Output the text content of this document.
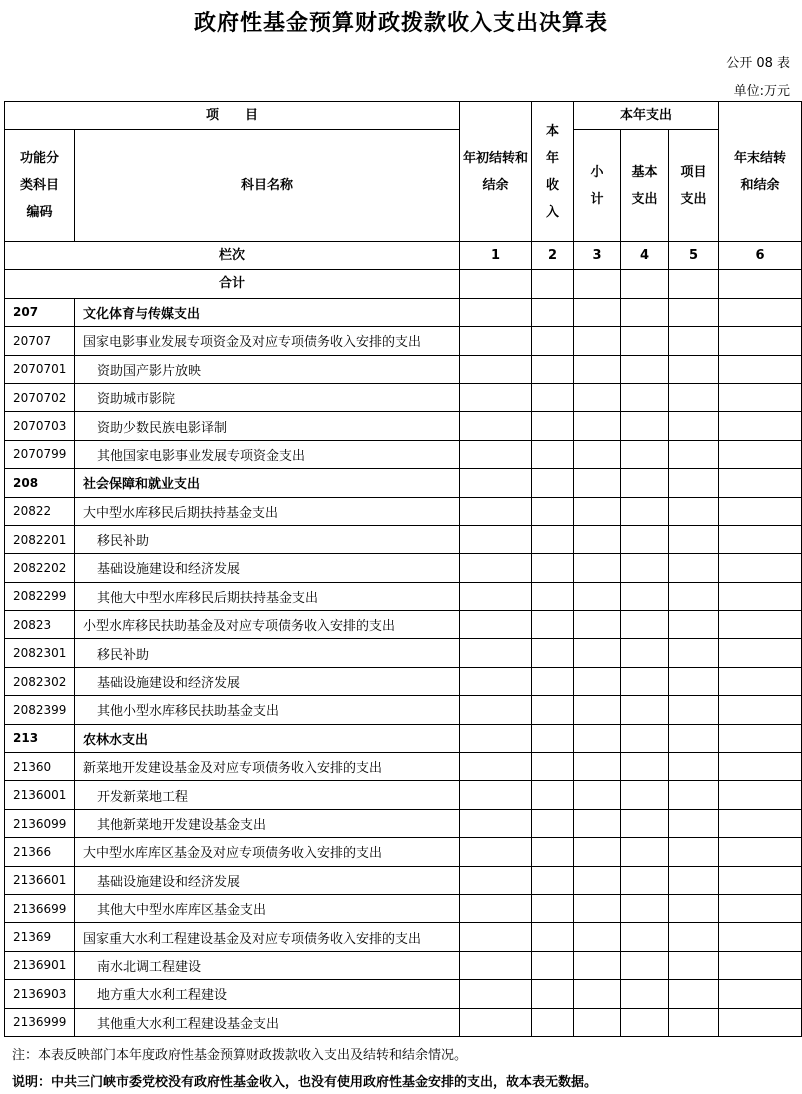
政府性基金预算财政拨款收入支出决算表
公开 08 表
单位:万元
项　　目		年初结转和结余	本年收入	本年支出			年末结转和结余
功能分类科目编码	科目名称			小计	基本支出	项目支出	
栏次		1	2	3	4	5	6
合计							
207	文化体育与传媒支出						
20707	国家电影事业发展专项资金及对应专项债务收入安排的支出						
2070701	资助国产影片放映						
2070702	资助城市影院						
2070703	资助少数民族电影译制						
2070799	其他国家电影事业发展专项资金支出						
208	社会保障和就业支出						
20822	大中型水库移民后期扶持基金支出						
2082201	移民补助						
2082202	基础设施建设和经济发展						
2082299	其他大中型水库移民后期扶持基金支出						
20823	小型水库移民扶助基金及对应专项债务收入安排的支出						
2082301	移民补助						
2082302	基础设施建设和经济发展						
2082399	其他小型水库移民扶助基金支出						
213	农林水支出						
21360	新菜地开发建设基金及对应专项债务收入安排的支出						
2136001	开发新菜地工程						
2136099	其他新菜地开发建设基金支出						
21366	大中型水库库区基金及对应专项债务收入安排的支出						
2136601	基础设施建设和经济发展						
2136699	其他大中型水库库区基金支出						
21369	国家重大水利工程建设基金及对应专项债务收入安排的支出						
2136901	南水北调工程建设						
2136903	地方重大水利工程建设						
2136999	其他重大水利工程建设基金支出						
注：本表反映部门本年度政府性基金预算财政拨款收入支出及结转和结余情况。
说明：中共三门峡市委党校没有政府性基金收入，也没有使用政府性基金安排的支出，故本表无数据。
